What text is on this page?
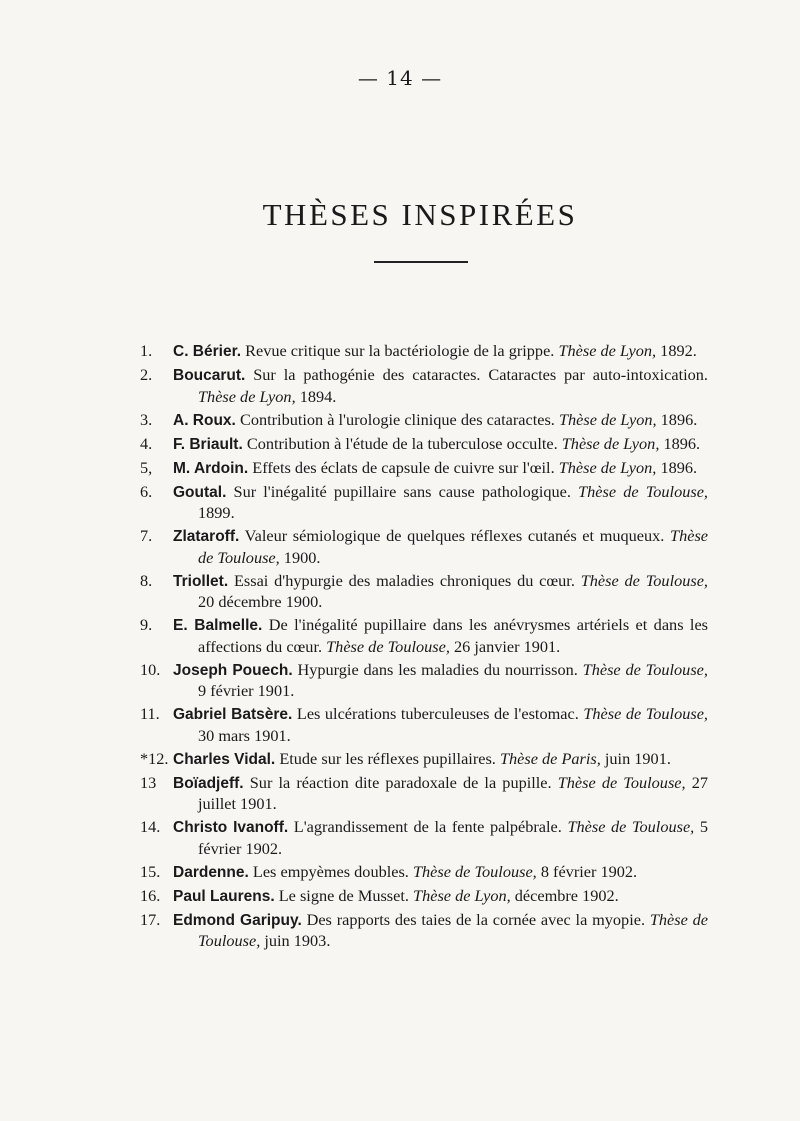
— 14 —
THÈSES INSPIRÉES
1. C. Bérier. Revue critique sur la bactériologie de la grippe. Thèse de Lyon, 1892.
2. Boucarut. Sur la pathogénie des cataractes. Cataractes par auto-intoxication. Thèse de Lyon, 1894.
3. A. Roux. Contribution à l'urologie clinique des cataractes. Thèse de Lyon, 1896.
4. F. Briault. Contribution à l'étude de la tuberculose occulte. Thèse de Lyon, 1896.
5, M. Ardoin. Effets des éclats de capsule de cuivre sur l'œil. Thèse de Lyon, 1896.
6. Goutal. Sur l'inégalité pupillaire sans cause pathologique. Thèse de Toulouse, 1899.
7. Zlataroff. Valeur sémiologique de quelques réflexes cutanés et muqueux. Thèse de Toulouse, 1900.
8. Triollet. Essai d'hypurgie des maladies chroniques du cœur. Thèse de Toulouse, 20 décembre 1900.
9. E. Balmelle. De l'inégalité pupillaire dans les anévrysmes artériels et dans les affections du cœur. Thèse de Toulouse, 26 janvier 1901.
10. Joseph Pouech. Hypurgie dans les maladies du nourrisson. Thèse de Toulouse, 9 février 1901.
11. Gabriel Batsère. Les ulcérations tuberculeuses de l'estomac. Thèse de Toulouse, 30 mars 1901.
*12. Charles Vidal. Etude sur les réflexes pupillaires. Thèse de Paris, juin 1901.
13 Boïadjeff. Sur la réaction dite paradoxale de la pupille. Thèse de Toulouse, 27 juillet 1901.
14. Christo Ivanoff. L'agrandissement de la fente palpébrale. Thèse de Toulouse, 5 février 1902.
15. Dardenne. Les empyèmes doubles. Thèse de Toulouse, 8 février 1902.
16. Paul Laurens. Le signe de Musset. Thèse de Lyon, décembre 1902.
17. Edmond Garipuy. Des rapports des taies de la cornée avec la myopie. Thèse de Toulouse, juin 1903.
